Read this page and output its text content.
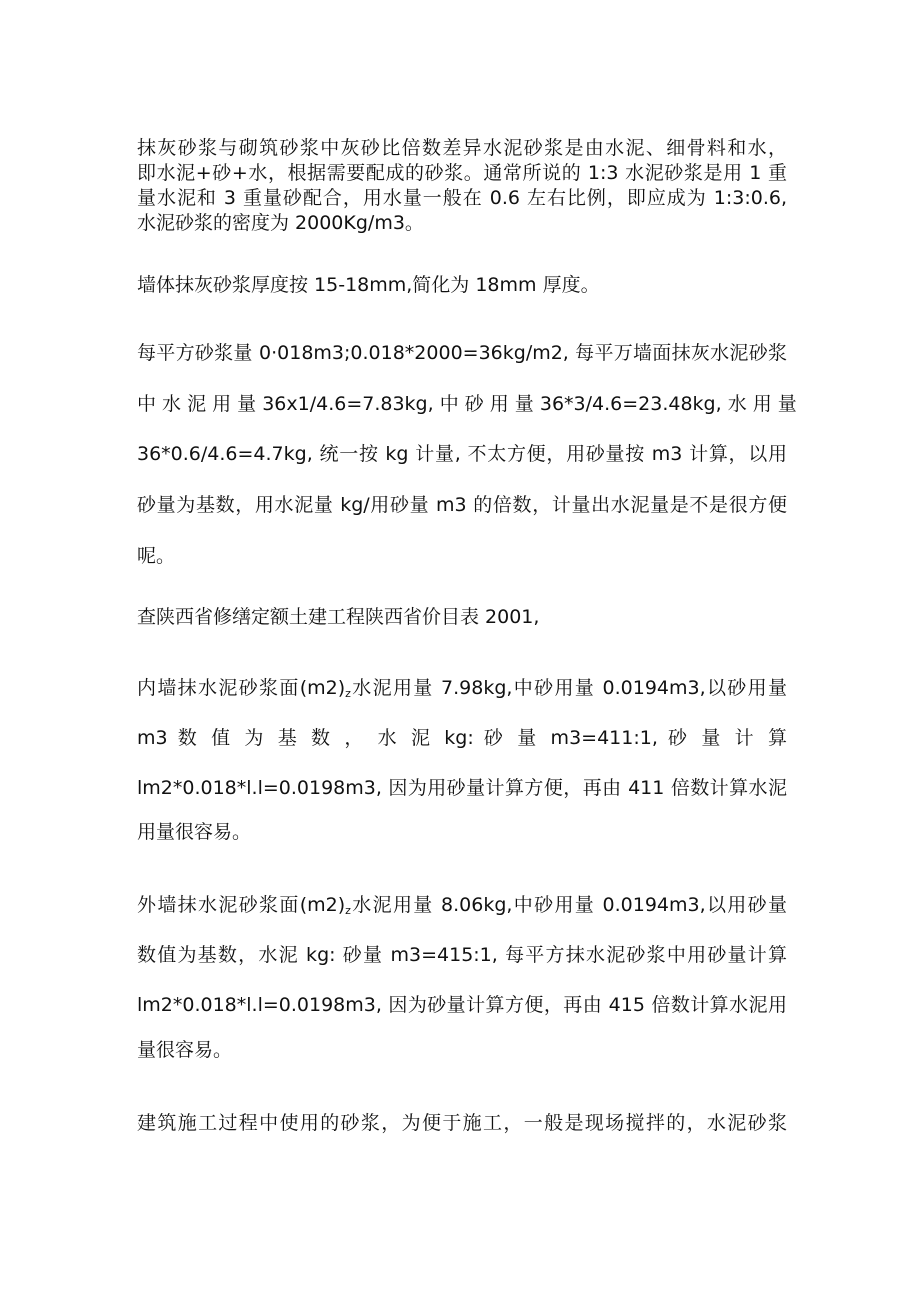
抹灰砂浆与砌筑砂浆中灰砂比倍数差异水泥砂浆是由水泥、细骨料和水，
即水泥+砂+水，根据需要配成的砂浆。通常所说的 1:3 水泥砂浆是用 1 重
量水泥和 3 重量砂配合，用水量一般在 0.6 左右比例，即应成为 1:3:0.6,
水泥砂浆的密度为 2000Kg∕m3。
墙体抹灰砂浆厚度按 15-18mm,简化为 18mm 厚度。
每平方砂浆量 0·018m3;0.018*2000=36kg∕m2, 每平万墙面抹灰水泥砂浆
中 水 泥 用 量 36x1/4.6=7.83kg, 中 砂 用 量 36*3∕4.6=23.48kg, 水 用 量
36*0.6/4.6=4.7kg, 统一按 kg 计量, 不太方便，用砂量按 m3 计算，以用
砂量为基数，用水泥量 kg/用砂量 m3 的倍数，计量出水泥量是不是很方便
呢。
查陕西省修缮定额土建工程陕西省价目表 2001,
内墙抹水泥砂浆面$(m2)_z$水泥用量 7.98kg,中砂用量 0.0194m3,以砂用量
m3 数 值 为 基 数 ， 水 泥 kg: 砂 量 m3=411:1, 砂 量 计 算
lm2*0.018*l.l=0.0198m3, 因为用砂量计算方便，再由 411 倍数计算水泥
用量很容易。
外墙抹水泥砂浆面$(m2)_z$水泥用量 8.06kg,中砂用量 0.0194m3,以用砂量
数值为基数，水泥 kg: 砂量 m3=415:1, 每平方抹水泥砂浆中用砂量计算
lm2*0.018*l.l=0.0198m3, 因为砂量计算方便，再由 415 倍数计算水泥用
量很容易。
建筑施工过程中使用的砂浆，为便于施工，一般是现场搅拌的，水泥砂浆
